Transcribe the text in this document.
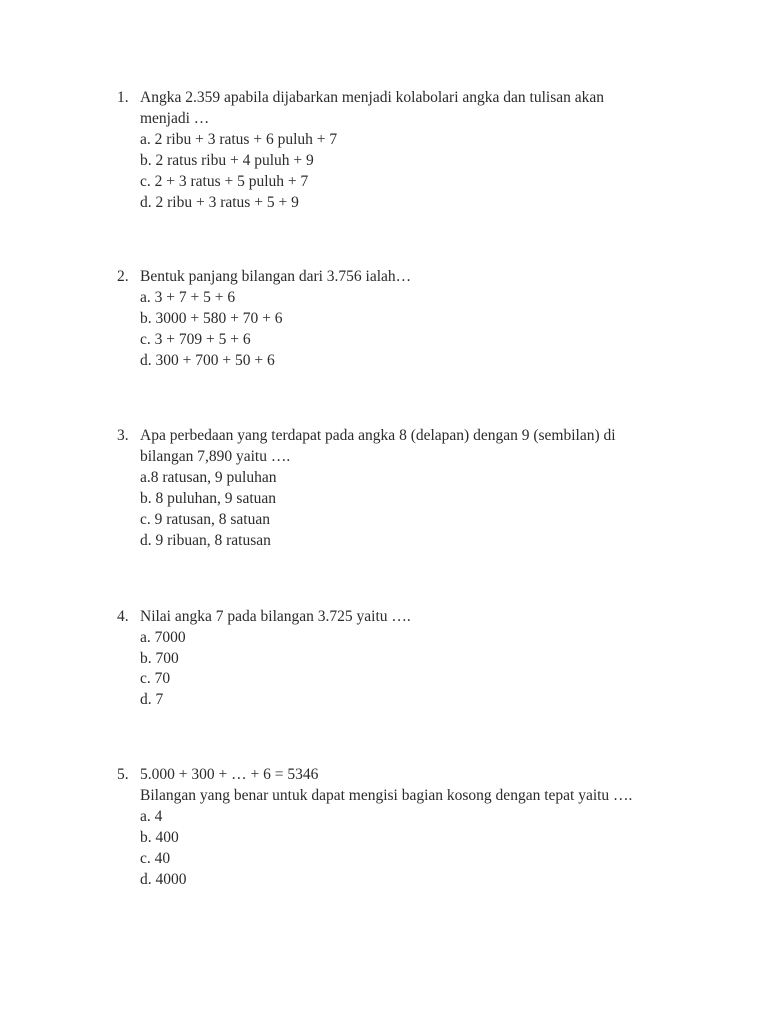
1. Angka 2.359 apabila dijabarkan menjadi kolabolari angka dan tulisan akan
menjadi …
a. 2 ribu + 3 ratus + 6 puluh + 7
b. 2 ratus ribu + 4 puluh + 9
c. 2 + 3 ratus + 5 puluh + 7
d. 2 ribu + 3 ratus + 5 + 9
2. Bentuk panjang bilangan dari 3.756 ialah…
a. 3 + 7 + 5 + 6
b. 3000 + 580 + 70 + 6
c. 3 + 709 + 5 + 6
d. 300 + 700 + 50 + 6
3. Apa perbedaan yang terdapat pada angka 8 (delapan) dengan 9 (sembilan) di
bilangan 7,890 yaitu ….
a.8 ratusan, 9 puluhan
b. 8 puluhan, 9 satuan
c. 9 ratusan, 8 satuan
d. 9 ribuan, 8 ratusan
4. Nilai angka 7 pada bilangan 3.725 yaitu ….
a. 7000
b. 700
c. 70
d. 7
5. 5.000 + 300 + … + 6 = 5346
Bilangan yang benar untuk dapat mengisi bagian kosong dengan tepat yaitu ….
a. 4
b. 400
c. 40
d. 4000
